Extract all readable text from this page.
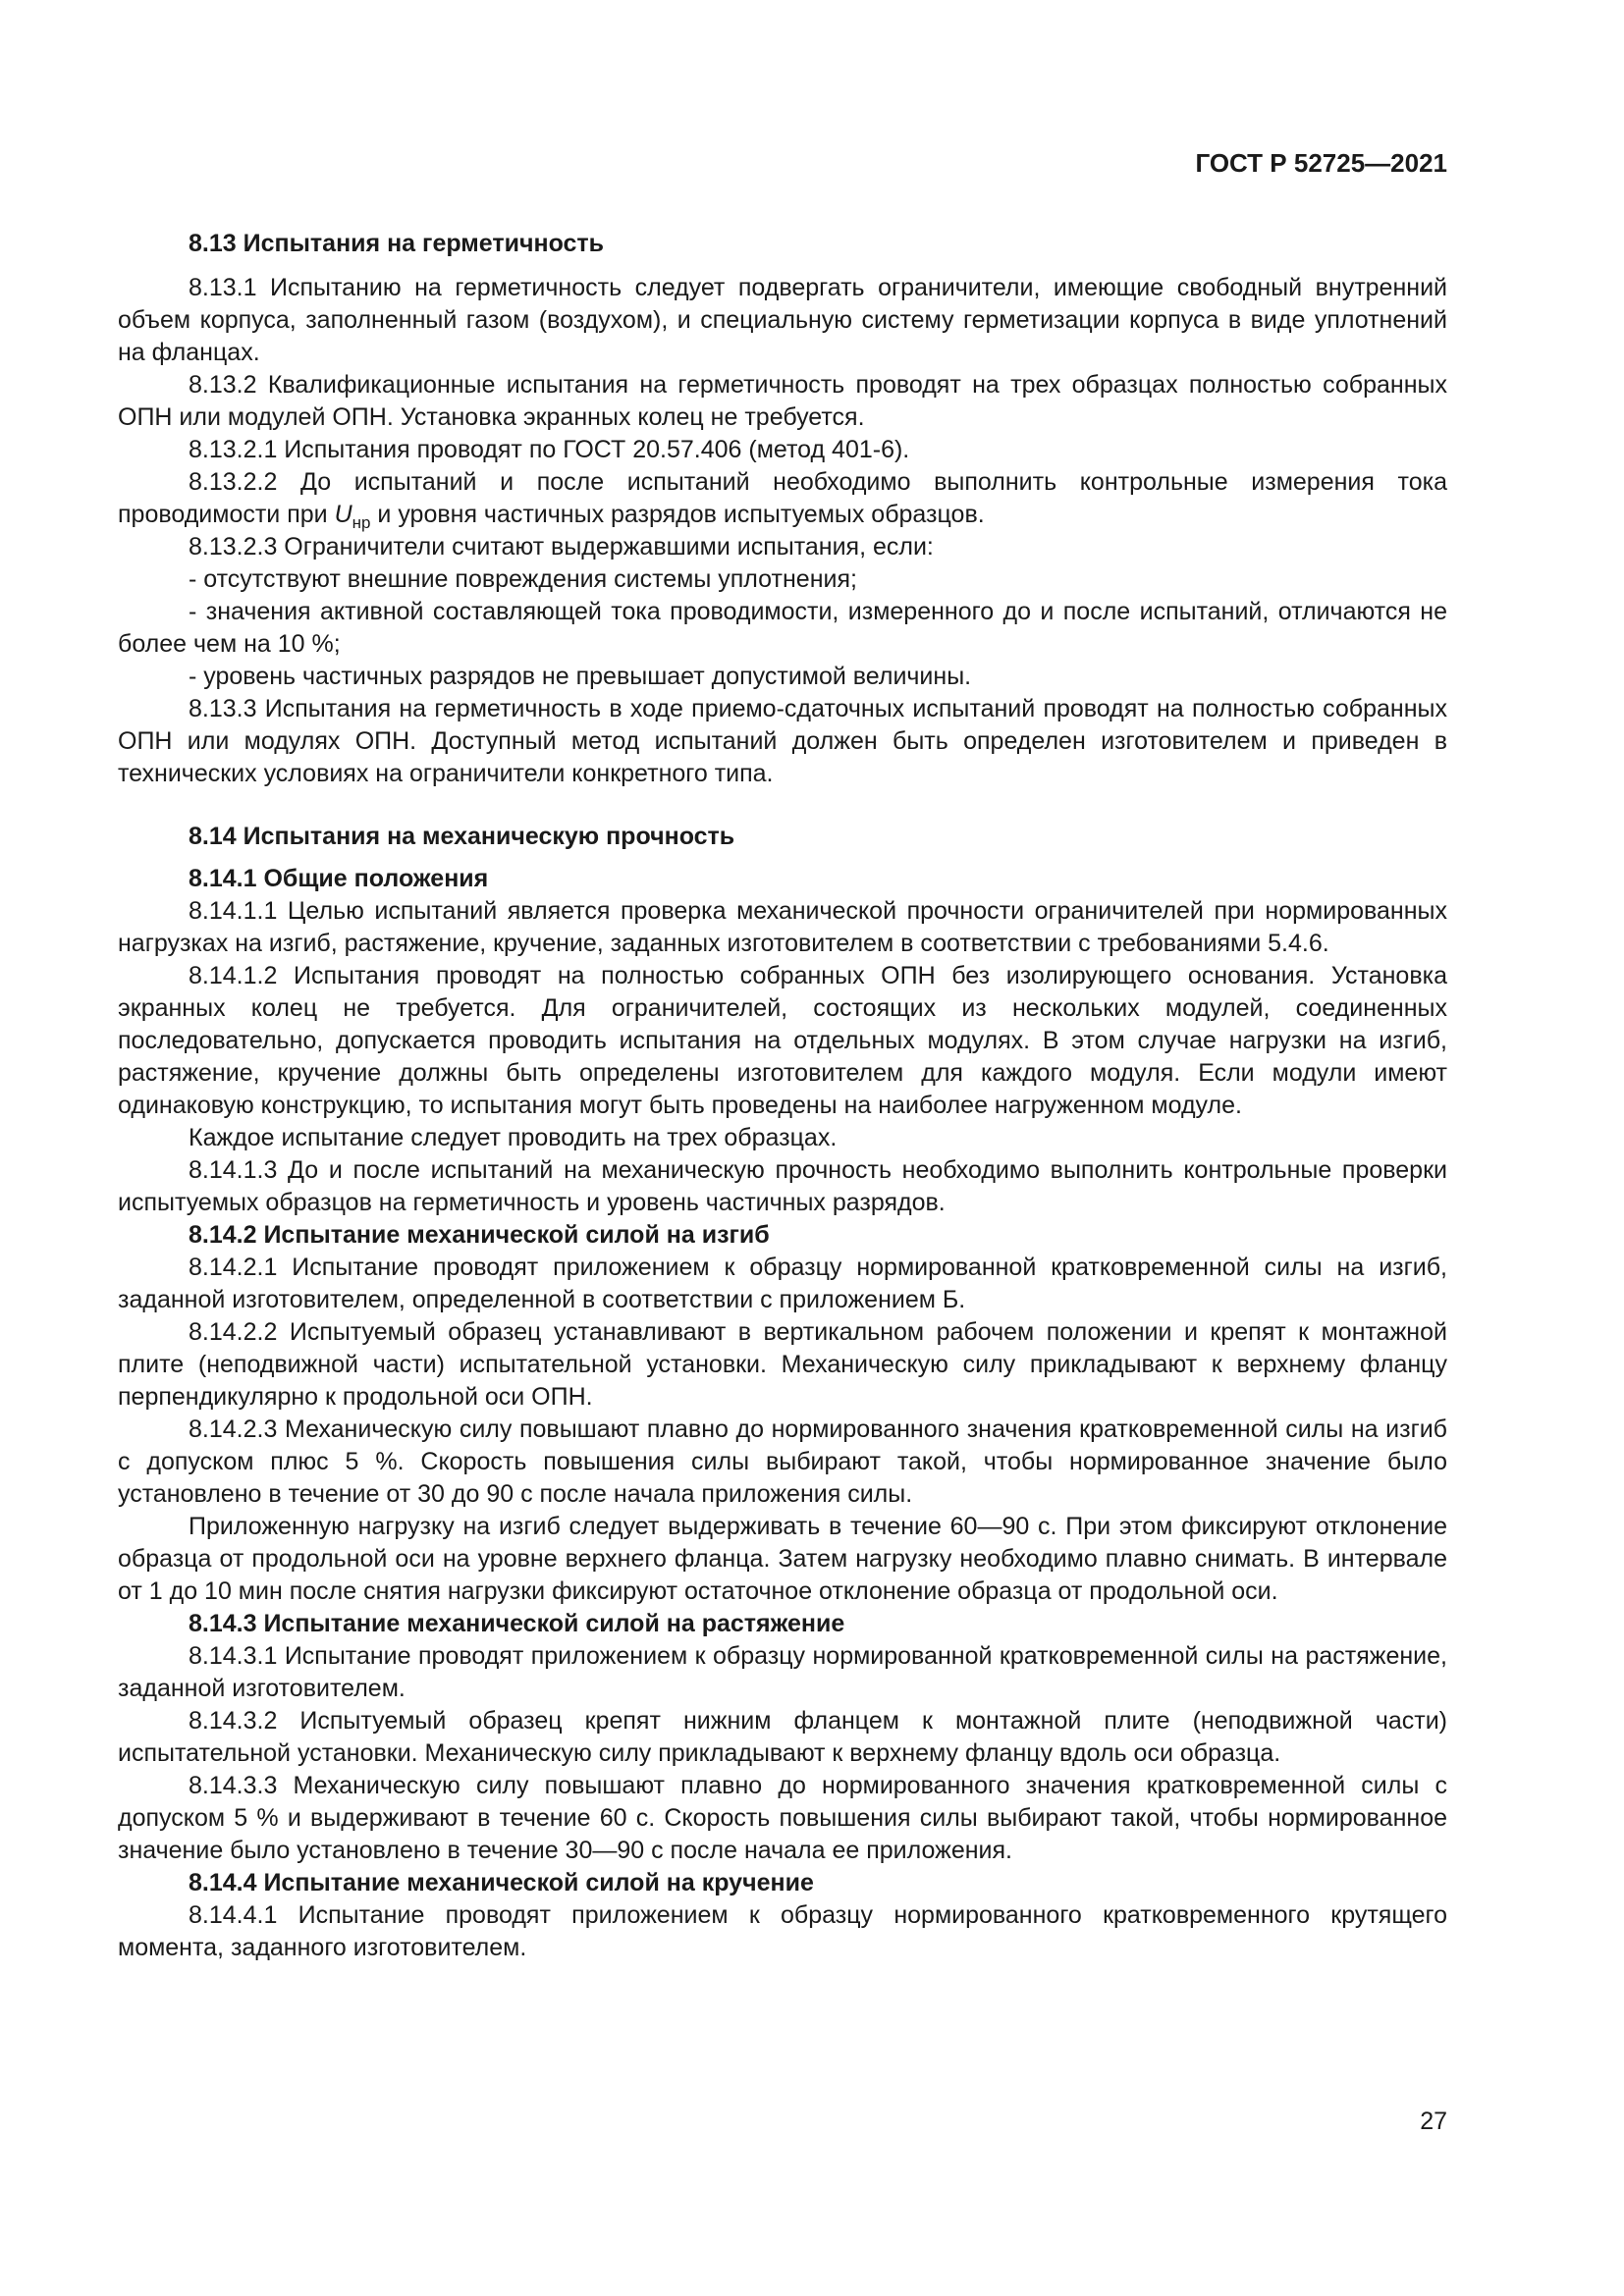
ГОСТ Р 52725—2021

8.13 Испытания на герметичность

8.13.1 Испытанию на герметичность следует подвергать ограничители, имеющие свободный внутренний объем корпуса, заполненный газом (воздухом), и специальную систему герметизации корпуса в виде уплотнений на фланцах.

8.13.2 Квалификационные испытания на герметичность проводят на трех образцах полностью собранных ОПН или модулей ОПН. Установка экранных колец не требуется.

8.13.2.1 Испытания проводят по ГОСТ 20.57.406 (метод 401-6).

8.13.2.2 До испытаний и после испытаний необходимо выполнить контрольные измерения тока проводимости при $U_{нр}$ и уровня частичных разрядов испытуемых образцов.

8.13.2.3 Ограничители считают выдержавшими испытания, если:

- отсутствуют внешние повреждения системы уплотнения;

- значения активной составляющей тока проводимости, измеренного до и после испытаний, отличаются не более чем на 10 %;

- уровень частичных разрядов не превышает допустимой величины.

8.13.3 Испытания на герметичность в ходе приемо-сдаточных испытаний проводят на полностью собранных ОПН или модулях ОПН. Доступный метод испытаний должен быть определен изготовителем и приведен в технических условиях на ограничители конкретного типа.

8.14 Испытания на механическую прочность

8.14.1 Общие положения

8.14.1.1 Целью испытаний является проверка механической прочности ограничителей при нормированных нагрузках на изгиб, растяжение, кручение, заданных изготовителем в соответствии с требованиями 5.4.6.

8.14.1.2 Испытания проводят на полностью собранных ОПН без изолирующего основания. Установка экранных колец не требуется. Для ограничителей, состоящих из нескольких модулей, соединенных последовательно, допускается проводить испытания на отдельных модулях. В этом случае нагрузки на изгиб, растяжение, кручение должны быть определены изготовителем для каждого модуля. Если модули имеют одинаковую конструкцию, то испытания могут быть проведены на наиболее нагруженном модуле.

Каждое испытание следует проводить на трех образцах.

8.14.1.3 До и после испытаний на механическую прочность необходимо выполнить контрольные проверки испытуемых образцов на герметичность и уровень частичных разрядов.

8.14.2 Испытание механической силой на изгиб

8.14.2.1 Испытание проводят приложением к образцу нормированной кратковременной силы на изгиб, заданной изготовителем, определенной в соответствии с приложением Б.

8.14.2.2 Испытуемый образец устанавливают в вертикальном рабочем положении и крепят к монтажной плите (неподвижной части) испытательной установки. Механическую силу прикладывают к верхнему фланцу перпендикулярно к продольной оси ОПН.

8.14.2.3 Механическую силу повышают плавно до нормированного значения кратковременной силы на изгиб с допуском плюс 5 %. Скорость повышения силы выбирают такой, чтобы нормированное значение было установлено в течение от 30 до 90 с после начала приложения силы.

Приложенную нагрузку на изгиб следует выдерживать в течение 60—90 с. При этом фиксируют отклонение образца от продольной оси на уровне верхнего фланца. Затем нагрузку необходимо плавно снимать. В интервале от 1 до 10 мин после снятия нагрузки фиксируют остаточное отклонение образца от продольной оси.

8.14.3 Испытание механической силой на растяжение

8.14.3.1 Испытание проводят приложением к образцу нормированной кратковременной силы на растяжение, заданной изготовителем.

8.14.3.2 Испытуемый образец крепят нижним фланцем к монтажной плите (неподвижной части) испытательной установки. Механическую силу прикладывают к верхнему фланцу вдоль оси образца.

8.14.3.3 Механическую силу повышают плавно до нормированного значения кратковременной силы с допуском 5 % и выдерживают в течение 60 с. Скорость повышения силы выбирают такой, чтобы нормированное значение было установлено в течение 30—90 с после начала ее приложения.

8.14.4 Испытание механической силой на кручение

8.14.4.1 Испытание проводят приложением к образцу нормированного кратковременного крутящего момента, заданного изготовителем.

27
